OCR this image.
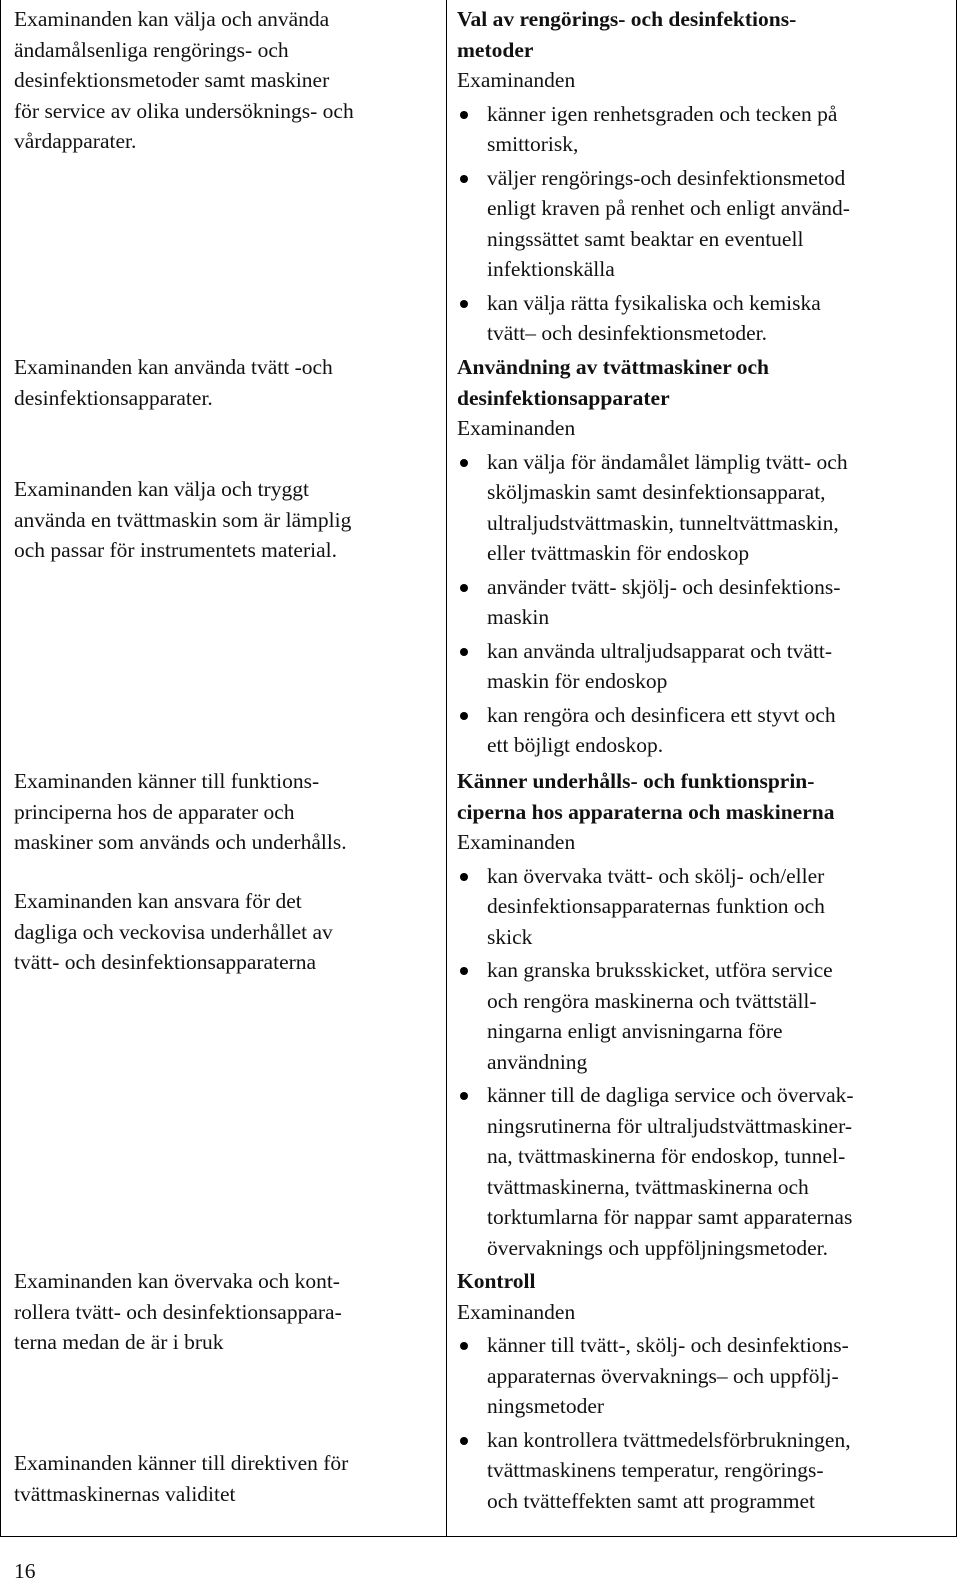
Examinanden kan välja och använda

ändamålsenliga rengörings- och

desinfektionsmetoder samt maskiner

för service av olika undersöknings- och

vårdapparater.

Examinanden kan använda tvätt -och

desinfektionsapparater.

Examinanden kan välja och tryggt

använda en tvättmaskin som är lämplig

och passar för instrumentets material.

Examinanden känner till funktions-

principerna hos de apparater och

maskiner som används och underhålls.

Examinanden kan ansvara för det

dagliga och veckovisa underhållet av

tvätt- och desinfektionsapparaterna

Examinanden kan övervaka och kont-

rollera tvätt- och desinfektionsappara-

terna medan de är i bruk

Examinanden känner till direktiven för

tvättmaskinernas validitet

Val av rengörings- och desinfektions-

metoder

Examinanden

känner igen renhetsgraden och tecken på

smittorisk,

väljer rengörings-och desinfektionsmetod

enligt kraven på renhet och enligt använd-

ningssättet samt beaktar en eventuell

infektionskälla

kan välja rätta fysikaliska och kemiska

tvätt– och desinfektionsmetoder.

Användning av tvättmaskiner och

desinfektionsapparater

Examinanden

kan välja för ändamålet lämplig tvätt- och

sköljmaskin samt desinfektionsapparat,

ultraljudstvättmaskin, tunneltvättmaskin,

eller tvättmaskin för endoskop

använder tvätt- skjölj- och desinfektions-

maskin

kan använda ultraljudsapparat och tvätt-

maskin för endoskop

kan rengöra och desinficera ett styvt och

ett böjligt endoskop.

Känner underhålls- och funktionsprin-

ciperna hos apparaterna och maskinerna

Examinanden

kan övervaka tvätt- och skölj- och/eller

desinfektionsapparaternas funktion och

skick

kan granska bruksskicket, utföra service

och rengöra maskinerna och tvättställ-

ningarna enligt anvisningarna före

användning

känner till de dagliga service och övervak-

ningsrutinerna för ultraljudstvättmaskiner-

na, tvättmaskinerna för endoskop, tunnel-

tvättmaskinerna, tvättmaskinerna och

torktumlarna för nappar samt apparaternas

övervaknings och uppföljningsmetoder.

Kontroll

Examinanden

känner till tvätt-, skölj- och desinfektions-

apparaternas övervaknings– och uppfölj-

ningsmetoder

kan kontrollera tvättmedelsförbrukningen,

tvättmaskinens temperatur, rengörings-

och tvätteffekten samt att programmet

16
